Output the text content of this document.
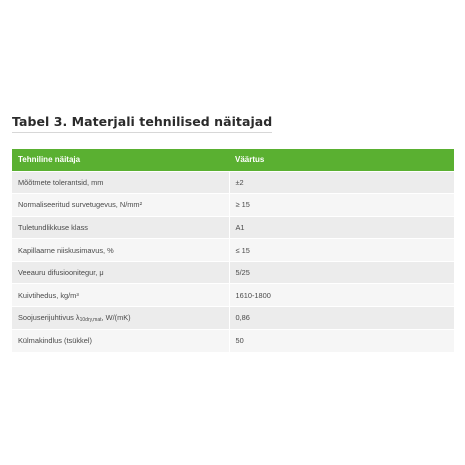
Tabel 3. Materjali tehnilised näitajad
Tehniline näitaja	Väärtus
Mõõtmete tolerantsid, mm	±2
Normaliseeritud survetugevus, N/mm²	≥ 15
Tuletundlikkuse klass	A1
Kapillaarne niiskusimavus, %	≤ 15
Veeauru difusioonitegur, μ	5/25
Kuivtihedus, kg/m³	1610-1800
Soojuserijuhtivus $\lambda_{10dry,mat}$, W/(mK)	0,86
Külmakindlus (tsükkel)	50
